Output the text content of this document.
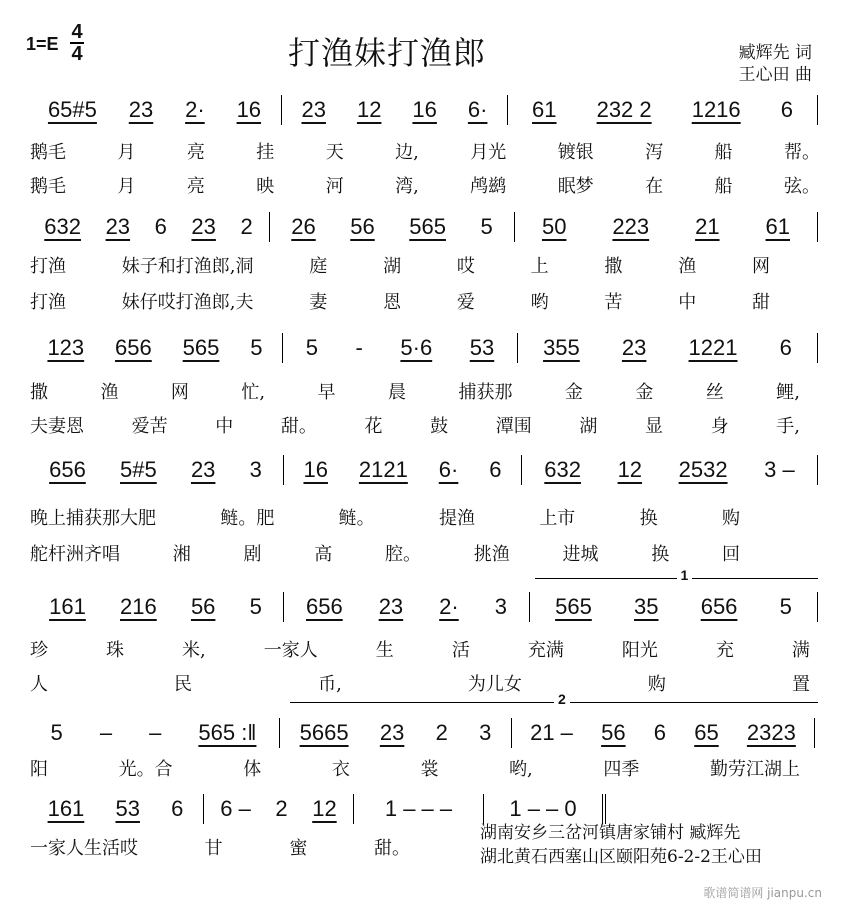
1=E
4
4	打渔妹打渔郎	臧辉先 词
王心田 曲
65#5 23 2· 16 23 12 16 6· 61 232 2 1216 6
鹅毛	月	亮	挂	天	边,	月光	镀银	泻	船	帮。
鹅毛	月	亮	映	河	湾,	鸬鹚	眠梦	在	船	弦。
632 23 6 23 2 26 56 565 5 50 223 21 61
打渔	妹子和打渔郎,洞	庭	湖	哎	上	撒	渔	网
打渔	妹仔哎打渔郎,夫	妻	恩	爱	哟	苦	中	甜
123 656 565 5 5 - 5·6 53 355 23 1221 6
撒	渔	网	忙,	早	晨	捕获那	金	金	丝	鲤,
夫妻恩	爱苦	中	甜。	花	鼓	潭围	湖	显	身	手,
656 5#5 23 3 16 2121 6· 6 632 12 2532 3 –
晚上捕获那大肥	鲢。肥	鲢。	提渔	上市	换	购
舵杆洲齐唱	湘	剧	高	腔。	挑渔	进城	换	回
161 216 56 5 656 23 2· 3 565 35 656 5
1
珍	珠	米,	一家人	生	活	充满	阳光	充	满
人	民	币,	为儿女	购	置
5 – – 565 :‖ 5665 23 2 3 21 – 56 6 65 2323
2
阳	光。合	体	衣	裳	哟,	四季	勤劳江湖上
161 53 6 6 – 2 12 1 – – –	1 – – 0
一家人生活哎	甘	蜜	甜。
湖南安乡三岔河镇唐家铺村 臧辉先
湖北黄石西塞山区颐阳苑6-2-2王心田
歌谱简谱网 jianpu.cn
